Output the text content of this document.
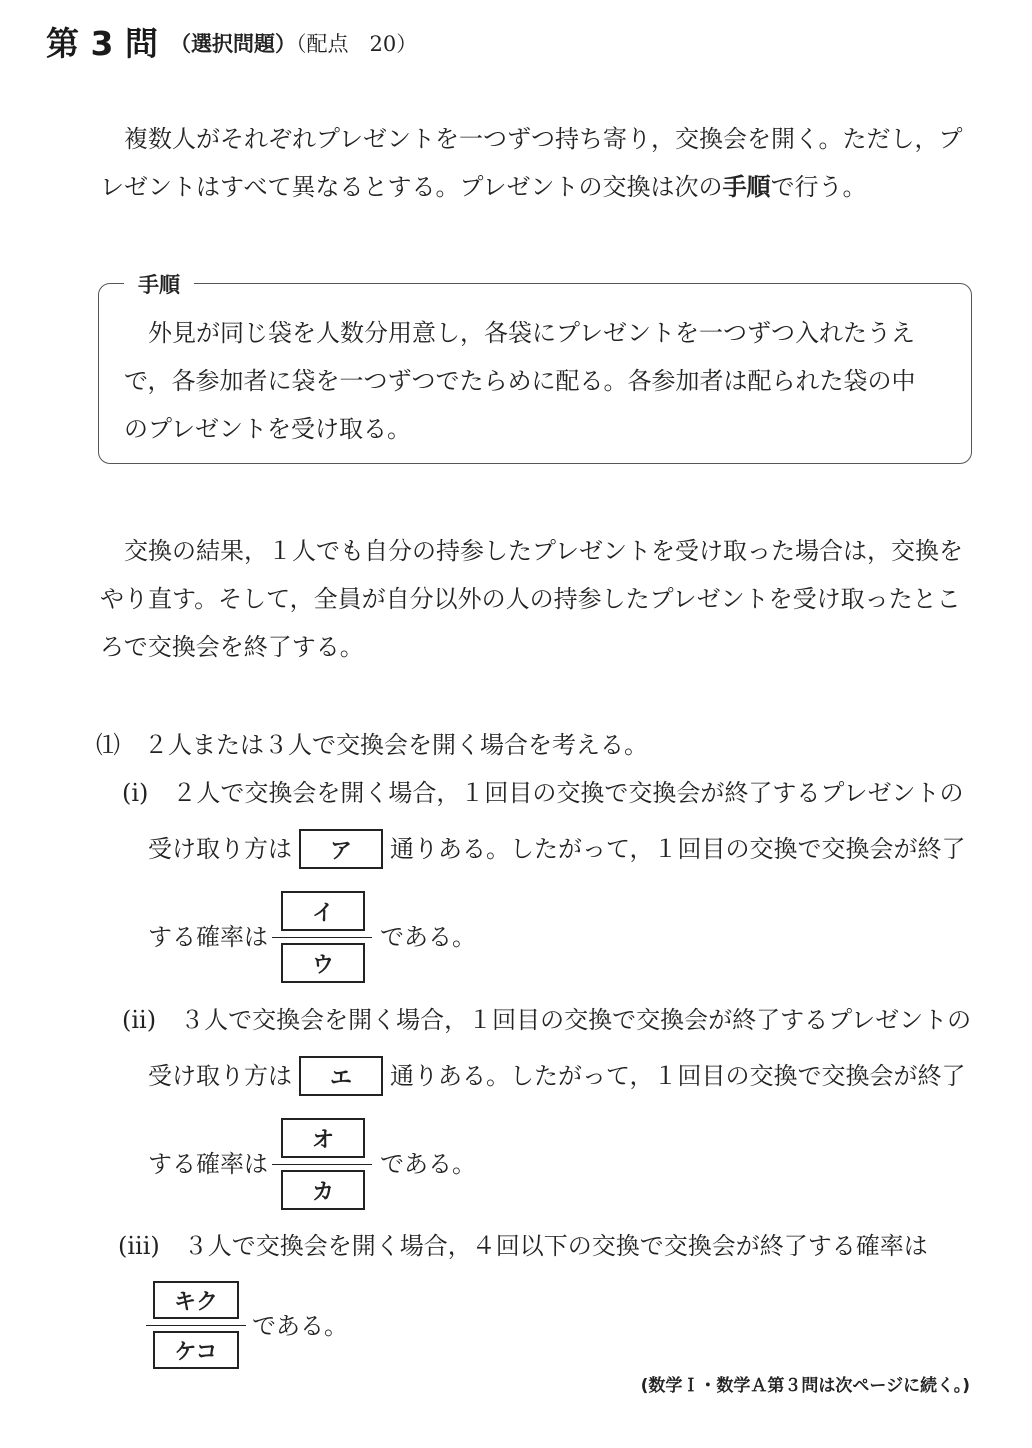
第 3 問 （選択問題）（配点　20）
複数人がそれぞれプレゼントを一つずつ持ち寄り，交換会を開く。ただし，プ
レゼントはすべて異なるとする。プレゼントの交換は次の手順で行う。
手順
外見が同じ袋を人数分用意し，各袋にプレゼントを一つずつ入れたうえ
で，各参加者に袋を一つずつでたらめに配る。各参加者は配られた袋の中
のプレゼントを受け取る。
交換の結果，１人でも自分の持参したプレゼントを受け取った場合は，交換を
やり直す。そして，全員が自分以外の人の持参したプレゼントを受け取ったとこ
ろで交換会を終了する。
⑴　２人または３人で交換会を開く場合を考える。
(i)　２人で交換会を開く場合，１回目の交換で交換会が終了するプレゼントの
受け取り方は	ア	通りある。したがって，１回目の交換で交換会が終了
する確率は
イ
ウ
である。
(ii)　３人で交換会を開く場合，１回目の交換で交換会が終了するプレゼントの
受け取り方は	エ	通りある。したがって，１回目の交換で交換会が終了
する確率は
オ
カ
である。
(iii)　３人で交換会を開く場合，４回以下の交換で交換会が終了する確率は
キク
ケコ
である。
(数学Ｉ・数学Ａ第３問は次ページに続く。)
